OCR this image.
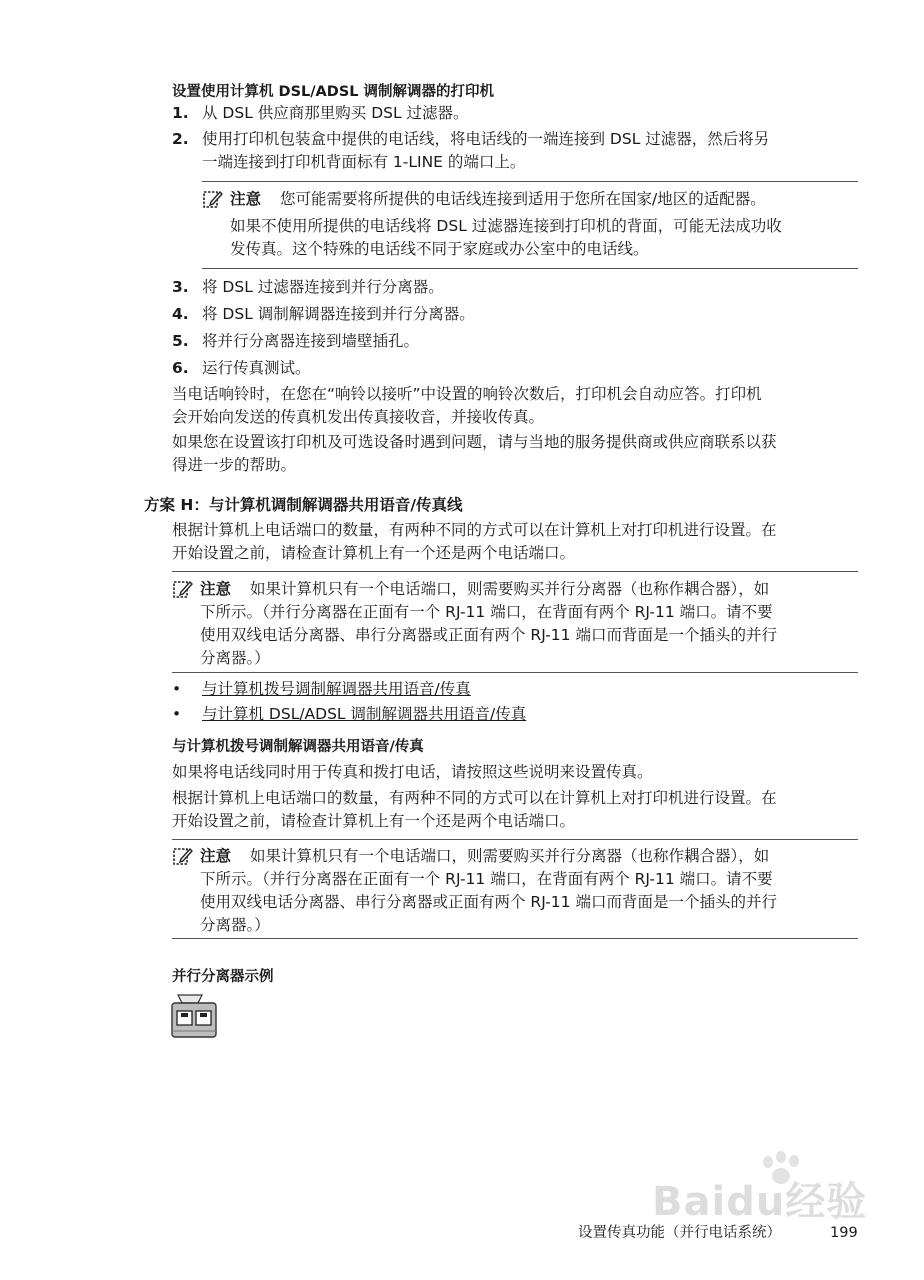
设置使用计算机 DSL/ADSL 调制解调器的打印机
1. 从 DSL 供应商那里购买 DSL 过滤器。
2. 使用打印机包装盒中提供的电话线，将电话线的一端连接到 DSL 过滤器，然后将另
一端连接到打印机背面标有 1-LINE 的端口上。
注意 您可能需要将所提供的电话线连接到适用于您所在国家/地区的适配器。
如果不使用所提供的电话线将 DSL 过滤器连接到打印机的背面，可能无法成功收
发传真。这个特殊的电话线不同于家庭或办公室中的电话线。
3. 将 DSL 过滤器连接到并行分离器。
4. 将 DSL 调制解调器连接到并行分离器。
5. 将并行分离器连接到墙壁插孔。
6. 运行传真测试。
当电话响铃时，在您在“响铃以接听”中设置的响铃次数后，打印机会自动应答。打印机
会开始向发送的传真机发出传真接收音，并接收传真。
如果您在设置该打印机及可选设备时遇到问题，请与当地的服务提供商或供应商联系以获
得进一步的帮助。
方案 H：与计算机调制解调器共用语音/传真线
根据计算机上电话端口的数量，有两种不同的方式可以在计算机上对打印机进行设置。在
开始设置之前，请检查计算机上有一个还是两个电话端口。
注意 如果计算机只有一个电话端口，则需要购买并行分离器（也称作耦合器），如
下所示。（并行分离器在正面有一个 RJ-11 端口，在背面有两个 RJ-11 端口。请不要
使用双线电话分离器、串行分离器或正面有两个 RJ-11 端口而背面是一个插头的并行
分离器。）
• 与计算机拨号调制解调器共用语音/传真
• 与计算机 DSL/ADSL 调制解调器共用语音/传真
与计算机拨号调制解调器共用语音/传真
如果将电话线同时用于传真和拨打电话，请按照这些说明来设置传真。
根据计算机上电话端口的数量，有两种不同的方式可以在计算机上对打印机进行设置。在
开始设置之前，请检查计算机上有一个还是两个电话端口。
注意 如果计算机只有一个电话端口，则需要购买并行分离器（也称作耦合器），如
下所示。（并行分离器在正面有一个 RJ-11 端口，在背面有两个 RJ-11 端口。请不要
使用双线电话分离器、串行分离器或正面有两个 RJ-11 端口而背面是一个插头的并行
分离器。）
并行分离器示例
Baidu经验
设置传真功能（并行电话系统）	199
